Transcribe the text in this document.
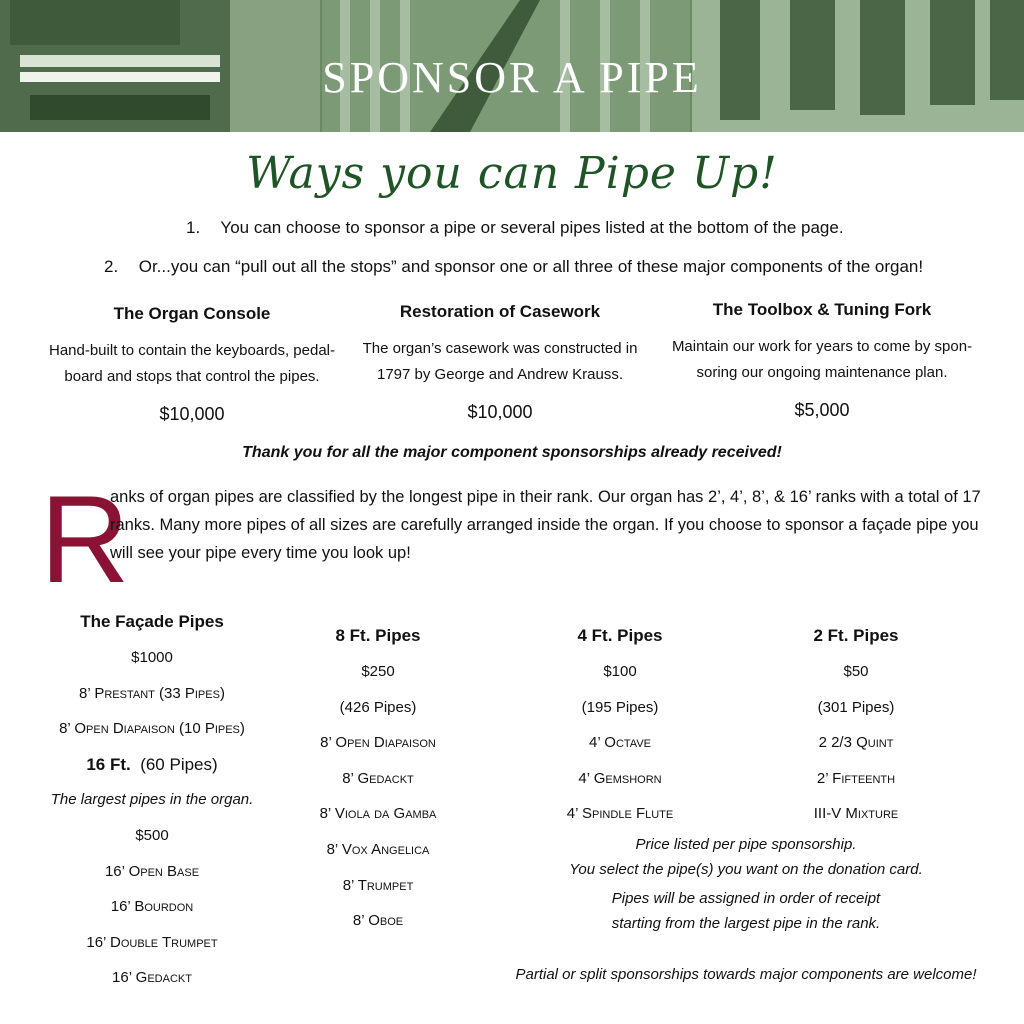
SPONSOR A PIPE
Ways you can Pipe Up!
1. You can choose to sponsor a pipe or several pipes listed at the bottom of the page.
2. Or...you can “pull out all the stops” and sponsor one or all three of these major components of the organ!
The Organ Console

Hand-built to contain the keyboards, pedal-

board and stops that control the pipes.

$10,000
Restoration of Casework

The organ’s casework was constructed in

1797 by George and Andrew Krauss.

$10,000
The Toolbox & Tuning Fork

Maintain our work for years to come by spon-

soring our ongoing maintenance plan.

$5,000
Thank you for all the major component sponsorships already received!
R

anks of organ pipes are classified by the longest pipe in their rank. Our organ has 2’, 4’, 8’, & 16’ ranks with a total of 17 ranks. Many more pipes of all sizes are carefully arranged inside the organ. If you choose to sponsor a façade pipe you will see your pipe every time you look up!

The Façade Pipes
$1000
8’ Prestant (33 Pipes)
8’ Open Diapaison (10 Pipes)
16 Ft. (60 Pipes)
The largest pipes in the organ.
$500
16’ Open Base
16’ Bourdon
16’ Double Trumpet
16’ Gedackt
8 Ft. Pipes
$250
(426 Pipes)
8’ Open Diapaison
8’ Gedackt
8’ Viola da Gamba
8’ Vox Angelica
8’ Trumpet
8’ Oboe
4 Ft. Pipes
$100
(195 Pipes)
4’ Octave
4’ Gemshorn
4’ Spindle Flute
2 Ft. Pipes
$50
(301 Pipes)
2 2/3 Quint
2’ Fifteenth
III-V Mixture
Price listed per pipe sponsorship.
You select the pipe(s) you want on the donation card.
Pipes will be assigned in order of receipt
starting from the largest pipe in the rank.
Partial or split sponsorships towards major components are welcome!
